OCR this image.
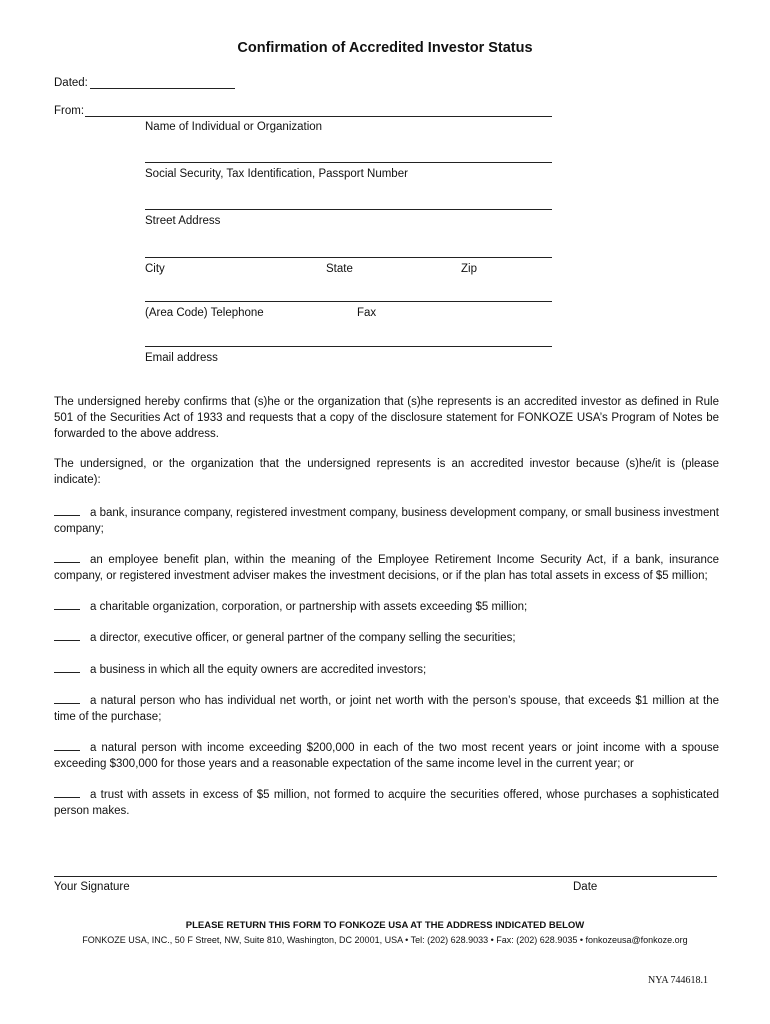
Confirmation of Accredited Investor Status
Dated:
From:
Name of Individual or Organization
Social Security, Tax Identification, Passport Number
Street Address
City	State	Zip
(Area Code) Telephone	Fax
Email address
The undersigned hereby confirms that (s)he or the organization that (s)he represents is an accredited investor as defined in Rule 501 of the Securities Act of 1933 and requests that a copy of the disclosure statement for FONKOZE USA’s Program of Notes be forwarded to the above address.
The undersigned, or the organization that the undersigned represents is an accredited investor because (s)he/it is (please indicate):
a bank, insurance company, registered investment company, business development company, or small business investment company;
an employee benefit plan, within the meaning of the Employee Retirement Income Security Act, if a bank, insurance company, or registered investment adviser makes the investment decisions, or if the plan has total assets in excess of $5 million;
a charitable organization, corporation, or partnership with assets exceeding $5 million;
a director, executive officer, or general partner of the company selling the securities;
a business in which all the equity owners are accredited investors;
a natural person who has individual net worth, or joint net worth with the person’s spouse, that exceeds $1 million at the time of the purchase;
a natural person with income exceeding $200,000 in each of the two most recent years or joint income with a spouse exceeding $300,000 for those years and a reasonable expectation of the same income level in the current year; or
a trust with assets in excess of $5 million, not formed to acquire the securities offered, whose purchases a sophisticated person makes.
Your Signature	Date
PLEASE RETURN THIS FORM TO FONKOZE USA AT THE ADDRESS INDICATED BELOW
FONKOZE USA, INC., 50 F Street, NW, Suite 810, Washington, DC 20001, USA • Tel: (202) 628.9033 • Fax: (202) 628.9035 • fonkozeusa@fonkoze.org
NYA 744618.1
